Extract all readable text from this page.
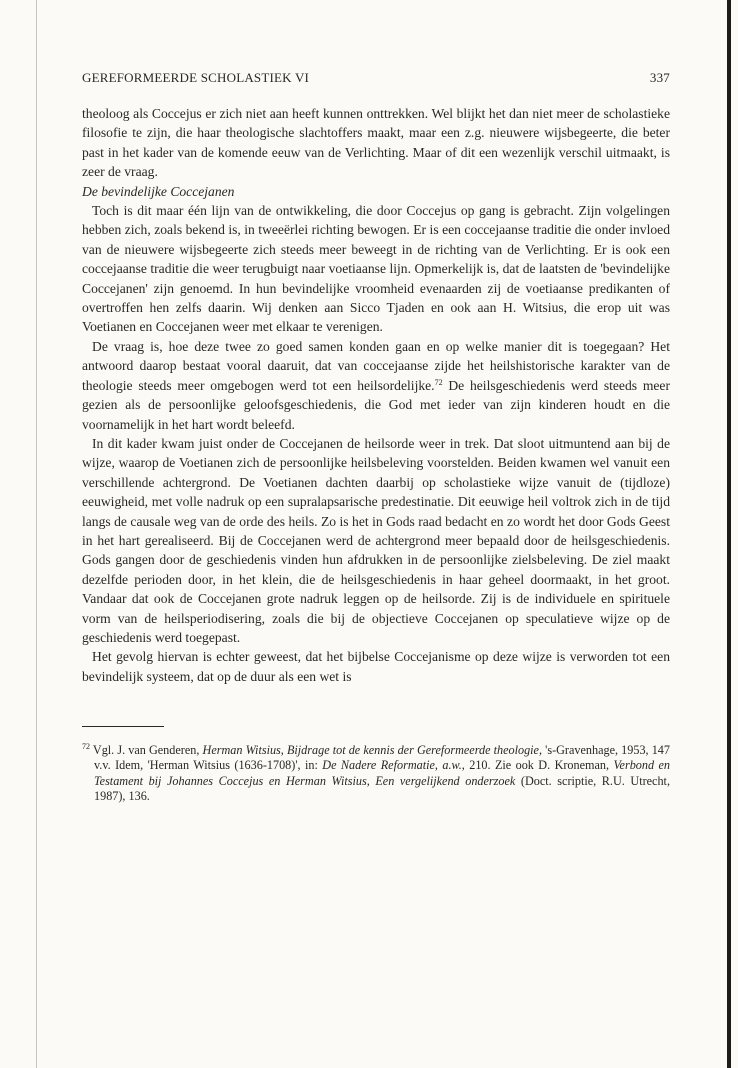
GEREFORMEERDE SCHOLASTIEK VI	337

theoloog als Coccejus er zich niet aan heeft kunnen onttrekken. Wel blijkt het dan niet meer de scholastieke filosofie te zijn, die haar theologische slachtoffers maakt, maar een z.g. nieuwere wijsbegeerte, die beter past in het kader van de komende eeuw van de Verlichting. Maar of dit een wezenlijk verschil uitmaakt, is zeer de vraag.

De bevindelijke Coccejanen

Toch is dit maar één lijn van de ontwikkeling, die door Coccejus op gang is gebracht. Zijn volgelingen hebben zich, zoals bekend is, in tweeërlei richting bewogen. Er is een coccejaanse traditie die onder invloed van de nieuwere wijsbegeerte zich steeds meer beweegt in de richting van de Verlichting. Er is ook een coccejaanse traditie die weer terugbuigt naar voetiaanse lijn. Opmerkelijk is, dat de laatsten de 'bevindelijke Coccejanen' zijn genoemd. In hun bevindelijke vroomheid evenaarden zij de voetiaanse predikanten of overtroffen hen zelfs daarin. Wij denken aan Sicco Tjaden en ook aan H. Witsius, die erop uit was Voetianen en Coccejanen weer met elkaar te verenigen.

De vraag is, hoe deze twee zo goed samen konden gaan en op welke manier dit is toegegaan? Het antwoord daarop bestaat vooral daaruit, dat van coccejaanse zijde het heilshistorische karakter van de theologie steeds meer omgebogen werd tot een heilsordelijke.$^{72}$ De heilsgeschiedenis werd steeds meer gezien als de persoonlijke geloofsgeschiedenis, die God met ieder van zijn kinderen houdt en die voornamelijk in het hart wordt beleefd.

In dit kader kwam juist onder de Coccejanen de heilsorde weer in trek. Dat sloot uitmuntend aan bij de wijze, waarop de Voetianen zich de persoonlijke heilsbeleving voorstelden. Beiden kwamen wel vanuit een verschillende achtergrond. De Voetianen dachten daarbij op scholastieke wijze vanuit de (tijdloze) eeuwigheid, met volle nadruk op een supralapsarische predestinatie. Dit eeuwige heil voltrok zich in de tijd langs de causale weg van de orde des heils. Zo is het in Gods raad bedacht en zo wordt het door Gods Geest in het hart gerealiseerd. Bij de Coccejanen werd de achtergrond meer bepaald door de heilsgeschiedenis. Gods gangen door de geschiedenis vinden hun afdrukken in de persoonlijke zielsbeleving. De ziel maakt dezelfde perioden door, in het klein, die de heilsgeschiedenis in haar geheel doormaakt, in het groot. Vandaar dat ook de Coccejanen grote nadruk leggen op de heilsorde. Zij is de individuele en spirituele vorm van de heilsperiodisering, zoals die bij de objectieve Coccejanen op speculatieve wijze op de geschiedenis werd toegepast.

Het gevolg hiervan is echter geweest, dat het bijbelse Coccejanisme op deze wijze is verworden tot een bevindelijk systeem, dat op de duur als een wet is

$^{72}$ Vgl. J. van Genderen, Herman Witsius, Bijdrage tot de kennis der Gereformeerde theologie, 's-Gravenhage, 1953, 147 v.v. Idem, 'Herman Witsius (1636-1708)', in: De Nadere Reformatie, a.w., 210. Zie ook D. Kroneman, Verbond en Testament bij Johannes Coccejus en Herman Witsius, Een vergelijkend onderzoek (Doct. scriptie, R.U. Utrecht, 1987), 136.
